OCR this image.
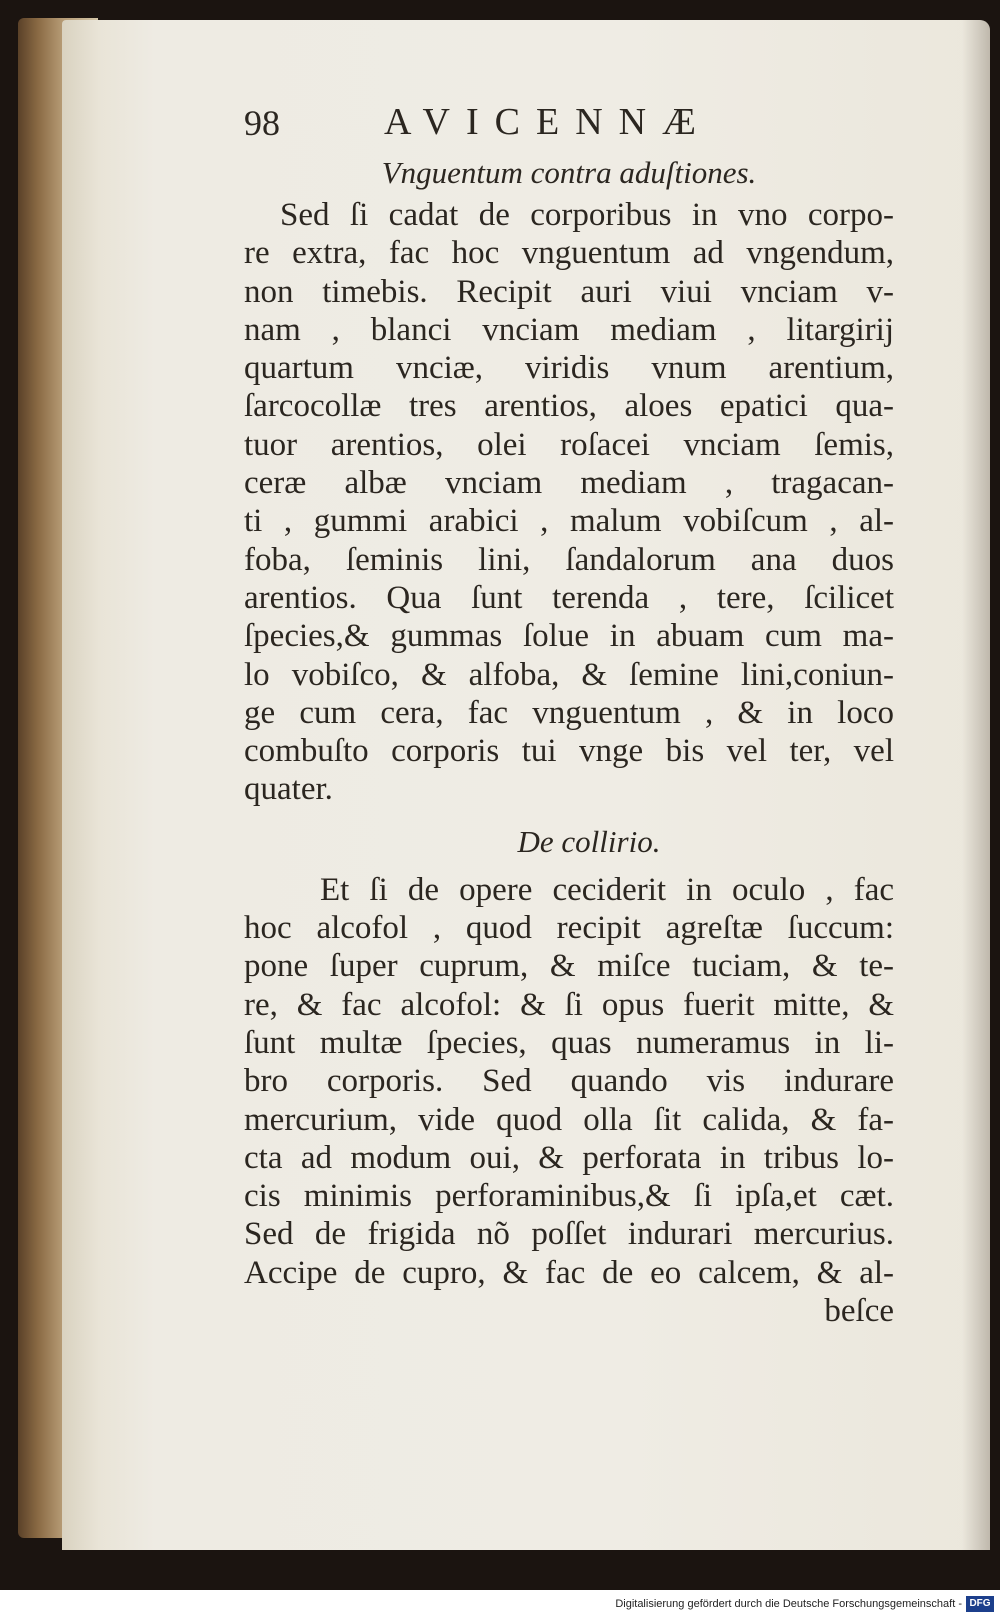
98	AVICENNÆ
Vnguentum contra aduſtiones.
Sed ſi cadat de corporibus in vno corpo-
re extra, fac hoc vnguentum ad vngendum,
non timebis. Recipit auri viui vnciam v-
nam , blanci vnciam mediam , litargirij
quartum vnciæ, viridis vnum arentium,
ſarcocollæ tres arentios, aloes epatici qua-
tuor arentios, olei roſacei vnciam ſemis,
ceræ albæ vnciam mediam , tragacan-
ti , gummi arabici , malum vobiſcum , al-
foba, ſeminis lini, ſandalorum ana duos
arentios. Qua ſunt terenda , tere, ſcilicet
ſpecies,& gummas ſolue in abuam cum ma-
lo vobiſco, & alfoba, & ſemine lini,coniun-
ge cum cera, fac vnguentum , & in loco
combuſto corporis tui vnge bis vel ter, vel
quater.
De collirio.
Et ſi de opere ceciderit in oculo , fac
hoc alcofol , quod recipit agreſtæ ſuccum:
pone ſuper cuprum, & miſce tuciam, & te-
re, & fac alcofol: & ſi opus fuerit mitte, &
ſunt multæ ſpecies, quas numeramus in li-
bro corporis. Sed quando vis indurare
mercurium, vide quod olla ſit calida, & fa-
cta ad modum oui, & perforata in tribus lo-
cis minimis perforaminibus,& ſi ipſa,et cæt.
Sed de frigida nõ poſſet indurari mercurius.
Accipe de cupro, & fac de eo calcem, & al-
beſce
Digitalisierung gefördert durch die Deutsche Forschungsgemeinschaft - DFG
